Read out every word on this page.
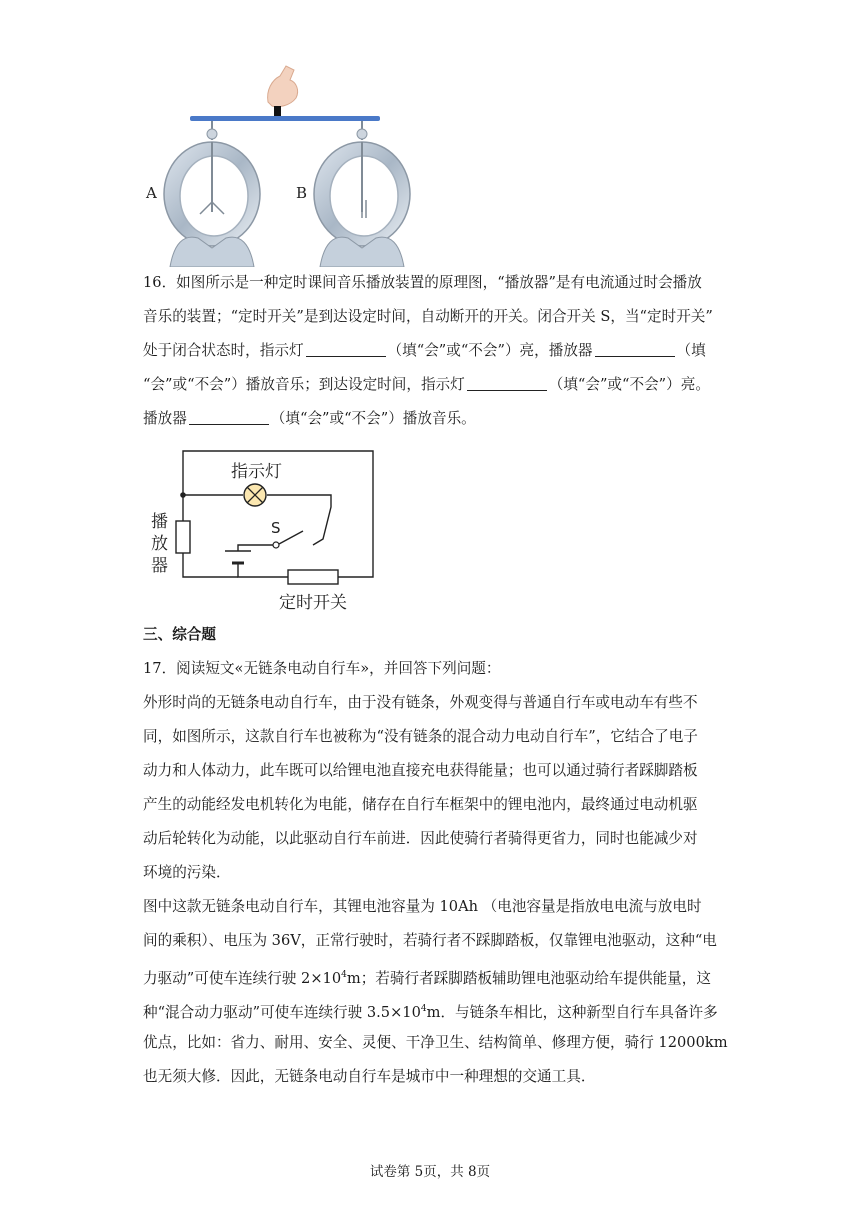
A	B
16．如图所示是一种定时课间音乐播放装置的原理图，“播放器”是有电流通过时会播放
音乐的装置；“定时开关”是到达设定时间，自动断开的开关。闭合开关 S，当“定时开关”
处于闭合状态时，指示灯	（填“会”或“不会”）亮，播放器	（填
“会”或“不会”）播放音乐；到达设定时间，指示灯	（填“会”或“不会”）亮。
播放器	（填“会”或“不会”）播放音乐。
指示灯
S
播
放
器
定时开关
三、综合题
17．阅读短文«无链条电动自行车»，并回答下列问题：
外形时尚的无链条电动自行车，由于没有链条，外观变得与普通自行车或电动车有些不
同，如图所示，这款自行车也被称为“没有链条的混合动力电动自行车”，它结合了电子
动力和人体动力，此车既可以给锂电池直接充电获得能量；也可以通过骑行者踩脚踏板
产生的动能经发电机转化为电能，储存在自行车框架中的锂电池内，最终通过电动机驱
动后轮转化为动能，以此驱动自行车前进．因此使骑行者骑得更省力，同时也能减少对
环境的污染．
图中这款无链条电动自行车，其锂电池容量为 10Ah （电池容量是指放电电流与放电时
间的乘积）、电压为 36V，正常行驶时，若骑行者不踩脚踏板，仅靠锂电池驱动，这种“电
力驱动”可使车连续行驶 $2\times 10^4m$；若骑行者踩脚踏板辅助锂电池驱动给车提供能量，这
种“混合动力驱动”可使车连续行驶 $3.5\times 10^4m$．与链条车相比，这种新型自行车具备许多
优点，比如：省力、耐用、安全、灵便、干净卫生、结构简单、修理方便，骑行 12000km
也无须大修．因此，无链条电动自行车是城市中一种理想的交通工具．
试卷第 5页，共 8页
